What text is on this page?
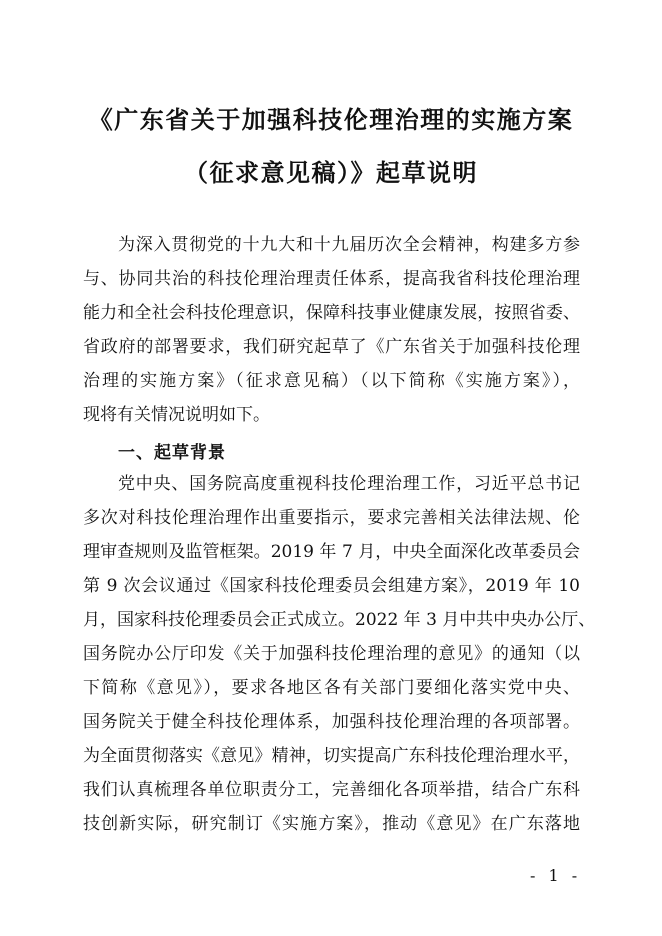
《广东省关于加强科技伦理治理的实施方案
（征求意见稿）》起草说明
为深入贯彻党的十九大和十九届历次全会精神，构建多方参
与、协同共治的科技伦理治理责任体系，提高我省科技伦理治理
能力和全社会科技伦理意识，保障科技事业健康发展，按照省委、
省政府的部署要求，我们研究起草了《广东省关于加强科技伦理
治理的实施方案》（征求意见稿）（以下简称《实施方案》），
现将有关情况说明如下。
一、起草背景
党中央、国务院高度重视科技伦理治理工作，习近平总书记
多次对科技伦理治理作出重要指示，要求完善相关法律法规、伦
理审查规则及监管框架。2019 年 7 月，中央全面深化改革委员会
第 9 次会议通过《国家科技伦理委员会组建方案》，2019 年 10
月，国家科技伦理委员会正式成立。2022 年 3 月中共中央办公厅、
国务院办公厅印发《关于加强科技伦理治理的意见》的通知（以
下简称《意见》），要求各地区各有关部门要细化落实党中央、
国务院关于健全科技伦理体系，加强科技伦理治理的各项部署。
为全面贯彻落实《意见》精神，切实提高广东科技伦理治理水平，
我们认真梳理各单位职责分工，完善细化各项举措，结合广东科
技创新实际，研究制订《实施方案》，推动《意见》在广东落地
- 1 -
